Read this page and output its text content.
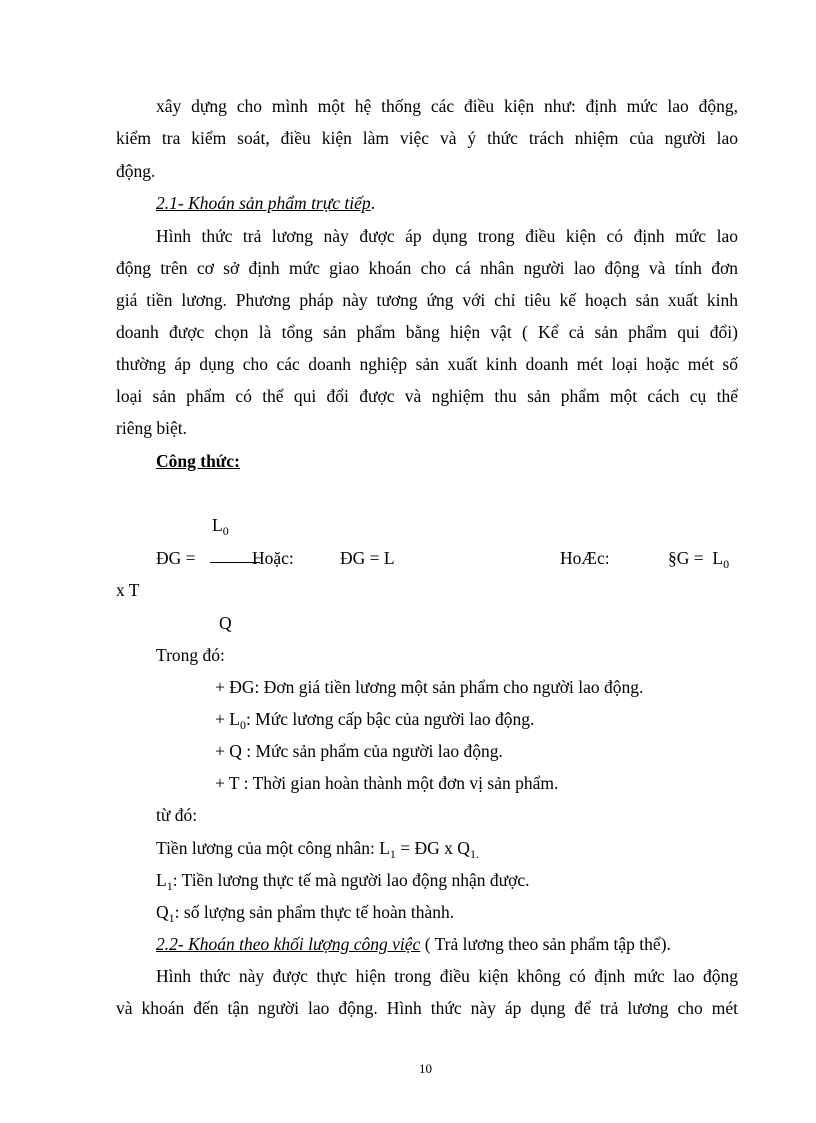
xây dựng cho mình một hệ thống các điều kiện như: định mức lao động,
kiểm tra kiểm soát, điều kiện làm việc và ý thức trách nhiệm của người lao
động.
2.1- Khoán sản phẩm trực tiếp.
Hình thức trả lương này được áp dụng trong điều kiện có định mức lao
động trên cơ sở định mức giao khoán cho cá nhân người lao động và tính đơn
giá tiền lương. Phương pháp này tương ứng với chỉ tiêu kế hoạch sản xuất kinh
doanh được chọn là tổng sản phẩm bằng hiện vật ( Kể cả sản phẩm qui đổi)
thường áp dụng cho các doanh nghiệp sản xuất kinh doanh mét loại hoặc mét số
loại sản phẩm có thể qui đổi được và nghiệm thu sản phẩm một cách cụ thể
riêng biệt.
Công thức:
$L_0$
ĐG =	Hoặc:	ĐG = L	HoÆc:	§G = $L_0$
x T
Q
Trong đó:
+ ĐG: Đơn giá tiền lương một sản phẩm cho người lao động.
+ $L_0$: Mức lương cấp bậc của người lao động.
+ Q : Mức sản phẩm của người lao động.
+ T : Thời gian hoàn thành một đơn vị sản phẩm.
từ đó:
Tiền lương của một công nhân: $L_1$ = ĐG x $Q_{1.}$
$L_1$: Tiền lương thực tế mà người lao động nhận được.
$Q_1$: số lượng sản phẩm thực tế hoàn thành.
2.2- Khoán theo khối lượng công việc ( Trả lương theo sản phẩm tập thể).
Hình thức này được thực hiện trong điều kiện không có định mức lao động
và khoán đến tận người lao động. Hình thức này áp dụng để trả lương cho mét
10
